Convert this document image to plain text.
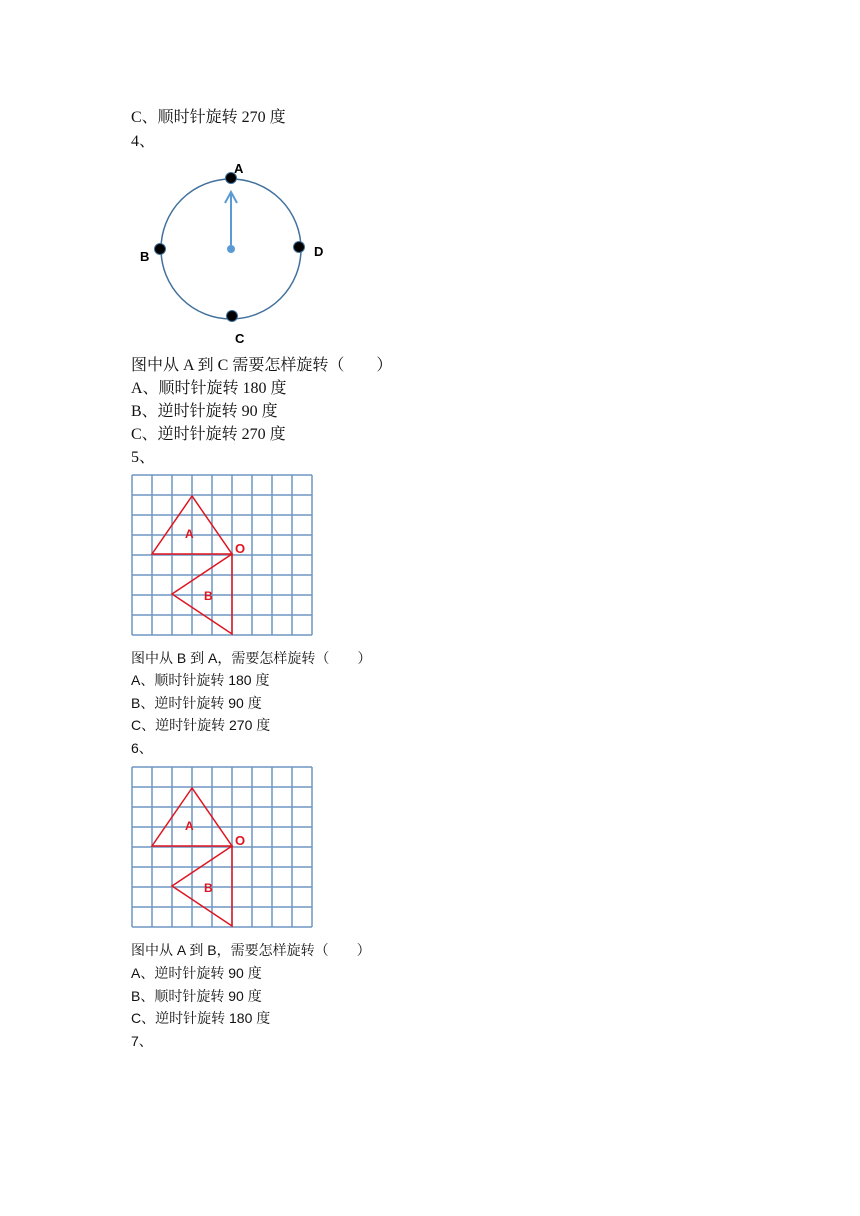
C、顺时针旋转 270 度
4、
A
B	D
C
图中从 A 到 C 需要怎样旋转（　　）
A、顺时针旋转 180 度
B、逆时针旋转 90 度
C、逆时针旋转 270 度
5、
A
B
O
图中从 B 到 A，需要怎样旋转（　　）
A、顺时针旋转 180 度
B、逆时针旋转 90 度
C、逆时针旋转 270 度
6、
A
B
O
图中从 A 到 B，需要怎样旋转（　　）
A、逆时针旋转 90 度
B、顺时针旋转 90 度
C、逆时针旋转 180 度
7、
